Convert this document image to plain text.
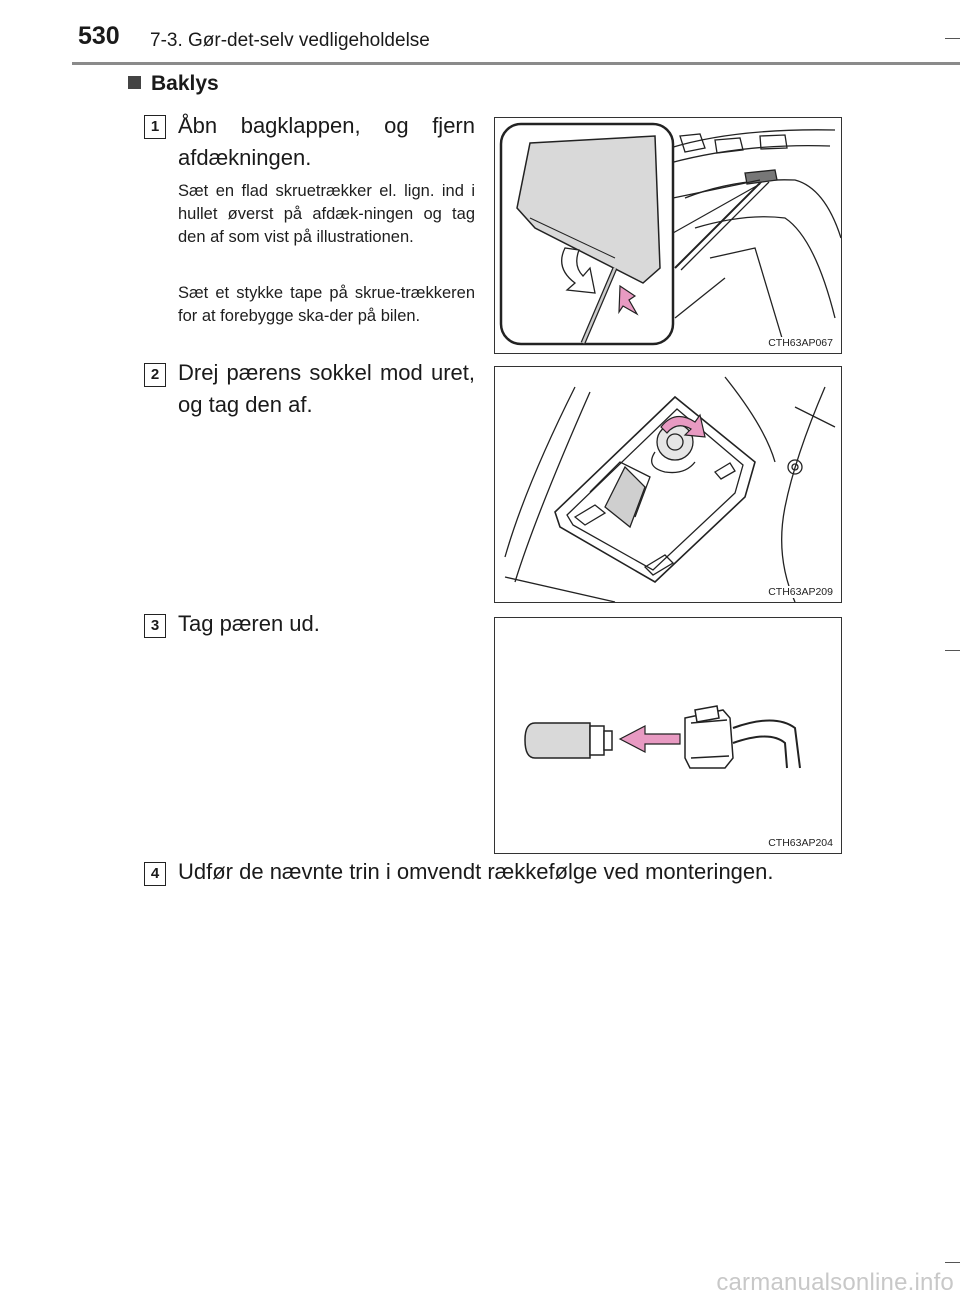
530 7-3. Gør-det-selv vedligeholdelse
Baklys
1 Åbn bagklappen, og fjern afdækningen.
Sæt en flad skruetrækker el. lign. ind i hullet øverst på afdæk-ningen og tag den af som vist på illustrationen.
Sæt et stykke tape på skrue-trækkeren for at forebygge ska-der på bilen.
CTH63AP067
2 Drej pærens sokkel mod uret, og tag den af.
CTH63AP209
3 Tag pæren ud.
CTH63AP204
4 Udfør de nævnte trin i omvendt rækkefølge ved monteringen.
carmanualsonline.info
